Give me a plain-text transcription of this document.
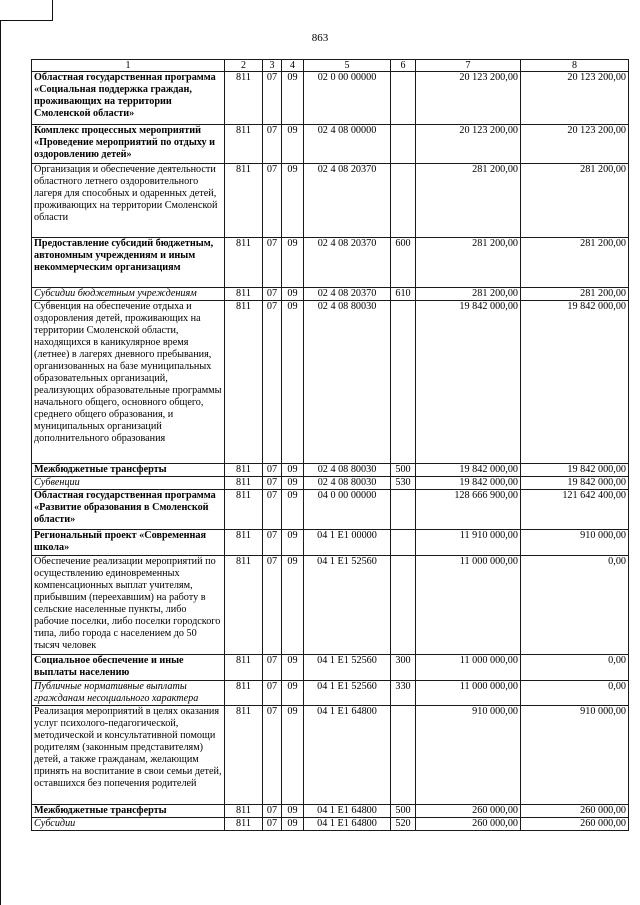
863
1	2	3	4	5	6	7	8
Областная государственная программа «Социальная поддержка граждан, проживающих на территории Смоленской области»	811	07	09	02 0 00 00000		20 123 200,00	20 123 200,00
Комплекс процессных мероприятий «Проведение мероприятий по отдыху и оздоровлению детей»	811	07	09	02 4 08 00000		20 123 200,00	20 123 200,00
Организация и обеспечение деятельности областного летнего оздоровительного лагеря для способных и одаренных детей, проживающих на территории Смоленской области	811	07	09	02 4 08 20370		281 200,00	281 200,00
Предоставление субсидий бюджетным, автономным учреждениям и иным некоммерческим организациям	811	07	09	02 4 08 20370	600	281 200,00	281 200,00
Субсидии бюджетным учреждениям	811	07	09	02 4 08 20370	610	281 200,00	281 200,00
Субвенция на обеспечение отдыха и оздоровления детей, проживающих на территории Смоленской области, находящихся в каникулярное время (летнее) в лагерях дневного пребывания, организованных на базе муниципальных образовательных организаций, реализующих образовательные программы начального общего, основного общего, среднего общего образования, и муниципальных организаций дополнительного образования	811	07	09	02 4 08 80030		19 842 000,00	19 842 000,00
Межбюджетные трансферты	811	07	09	02 4 08 80030	500	19 842 000,00	19 842 000,00
Субвенции	811	07	09	02 4 08 80030	530	19 842 000,00	19 842 000,00
Областная государственная программа «Развитие образования в Смоленской области»	811	07	09	04 0 00 00000		128 666 900,00	121 642 400,00
Региональный проект «Современная школа»	811	07	09	04 1 E1 00000		11 910 000,00	910 000,00
Обеспечение реализации мероприятий по осуществлению единовременных компенсационных выплат учителям, прибывшим (переехавшим) на работу в сельские населенные пункты, либо рабочие поселки, либо поселки городского типа, либо города с населением до 50 тысяч человек	811	07	09	04 1 E1 52560		11 000 000,00	0,00
Социальное обеспечение и иные выплаты населению	811	07	09	04 1 E1 52560	300	11 000 000,00	0,00
Публичные нормативные выплаты гражданам несоциального характера	811	07	09	04 1 E1 52560	330	11 000 000,00	0,00
Реализация мероприятий в целях оказания услуг психолого-педагогической, методической и консультативной помощи родителям (законным представителям) детей, а также гражданам, желающим принять на воспитание в свои семьи детей, оставшихся без попечения родителей	811	07	09	04 1 E1 64800		910 000,00	910 000,00
Межбюджетные трансферты	811	07	09	04 1 E1 64800	500	260 000,00	260 000,00
Субсидии	811	07	09	04 1 E1 64800	520	260 000,00	260 000,00
